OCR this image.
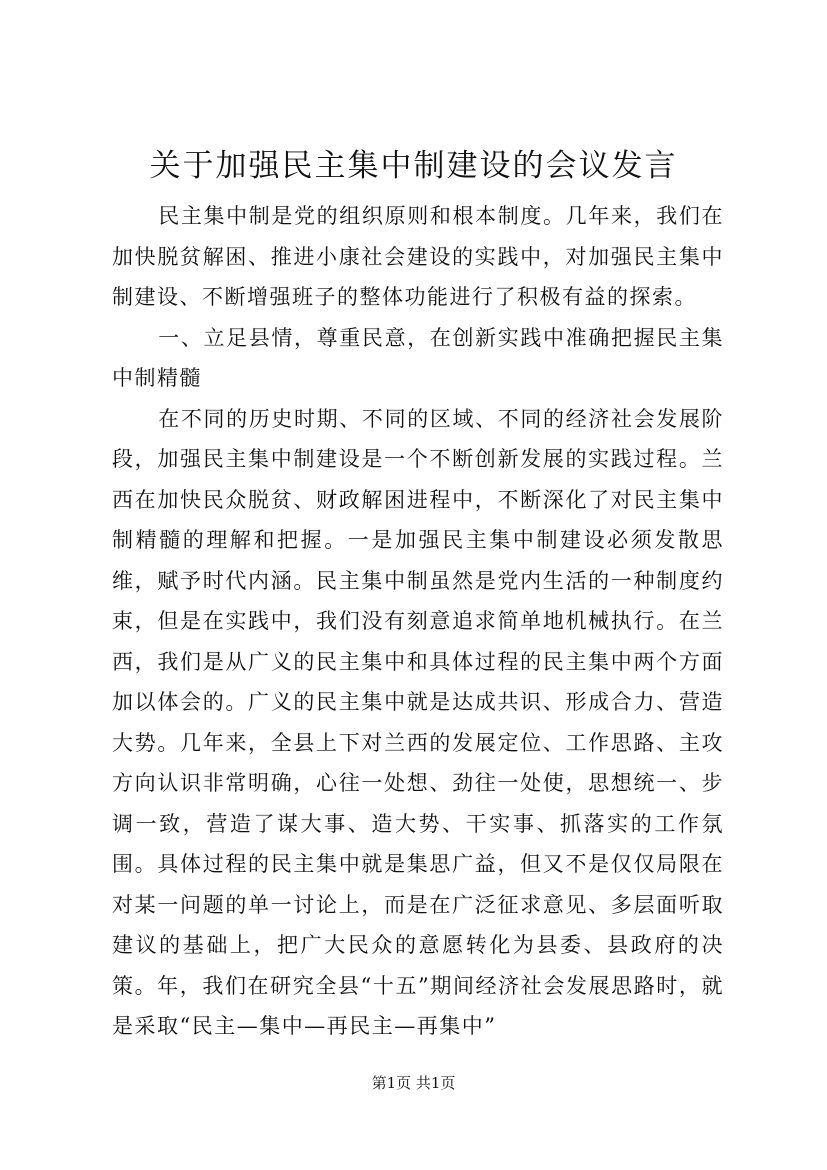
关于加强民主集中制建设的会议发言

民主集中制是党的组织原则和根本制度。几年来，我们在加快脱贫解困、推进小康社会建设的实践中，对加强民主集中制建设、不断增强班子的整体功能进行了积极有益的探索。

一、立足县情，尊重民意，在创新实践中准确把握民主集中制精髓

在不同的历史时期、不同的区域、不同的经济社会发展阶段，加强民主集中制建设是一个不断创新发展的实践过程。兰西在加快民众脱贫、财政解困进程中，不断深化了对民主集中制精髓的理解和把握。一是加强民主集中制建设必须发散思维，赋予时代内涵。民主集中制虽然是党内生活的一种制度约束，但是在实践中，我们没有刻意追求简单地机械执行。在兰西，我们是从广义的民主集中和具体过程的民主集中两个方面加以体会的。广义的民主集中就是达成共识、形成合力、营造大势。几年来，全县上下对兰西的发展定位、工作思路、主攻方向认识非常明确，心往一处想、劲往一处使，思想统一、步调一致，营造了谋大事、造大势、干实事、抓落实的工作氛围。具体过程的民主集中就是集思广益，但又不是仅仅局限在对某一问题的单一讨论上，而是在广泛征求意见、多层面听取建议的基础上，把广大民众的意愿转化为县委、县政府的决策。年，我们在研究全县“十五”期间经济社会发展思路时，就是采取“民主—集中—再民主—再集中”

第1页 共1页
